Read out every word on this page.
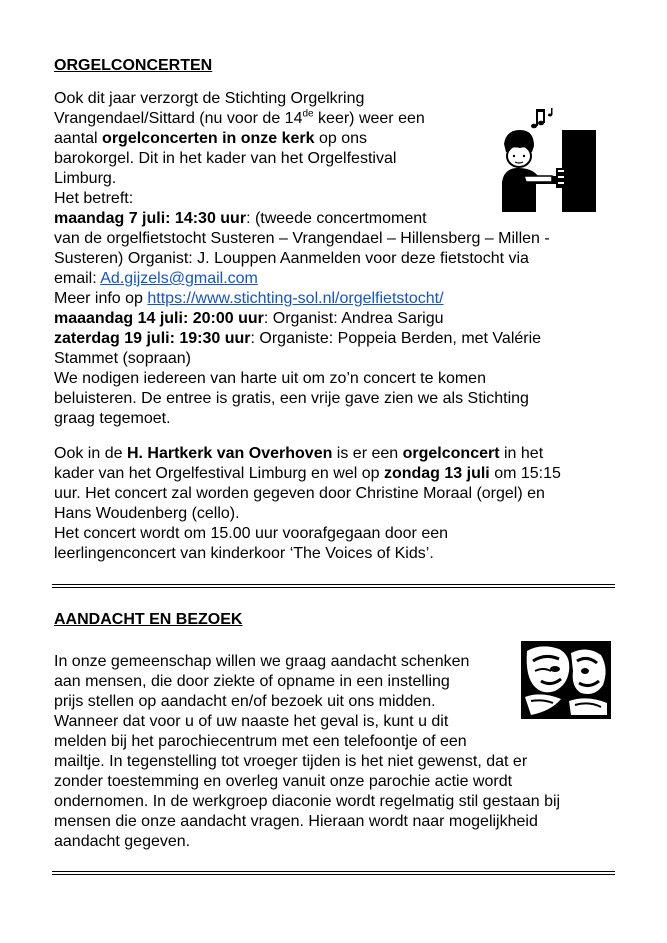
ORGELCONCERTEN

Ook dit jaar verzorgt de Stichting Orgelkring

Vrangendael/Sittard (nu voor de 14de keer) weer een

aantal orgelconcerten in onze kerk op ons

barokorgel. Dit in het kader van het Orgelfestival

Limburg.

Het betreft:

maandag 7 juli: 14:30 uur: (tweede concertmoment

van de orgelfietstocht Susteren – Vrangendael – Hillensberg – Millen -

Susteren) Organist: J. Louppen Aanmelden voor deze fietstocht via

email: Ad.gijzels@gmail.com

Meer info op https://www.stichting-sol.nl/orgelfietstocht/

maaandag 14 juli: 20:00 uur: Organist: Andrea Sarigu

zaterdag 19 juli: 19:30 uur: Organiste: Poppeia Berden, met Valérie

Stammet (sopraan)

We nodigen iedereen van harte uit om zo’n concert te komen

beluisteren. De entree is gratis, een vrije gave zien we als Stichting

graag tegemoet.

Ook in de H. Hartkerk van Overhoven is er een orgelconcert in het

kader van het Orgelfestival Limburg en wel op zondag 13 juli om 15:15

uur. Het concert zal worden gegeven door Christine Moraal (orgel) en

Hans Woudenberg (cello).

Het concert wordt om 15.00 uur voorafgegaan door een

leerlingenconcert van kinderkoor ‘The Voices of Kids’.

AANDACHT EN BEZOEK

In onze gemeenschap willen we graag aandacht schenken

aan mensen, die door ziekte of opname in een instelling

prijs stellen op aandacht en/of bezoek uit ons midden.

Wanneer dat voor u of uw naaste het geval is, kunt u dit

melden bij het parochiecentrum met een telefoontje of een

mailtje. In tegenstelling tot vroeger tijden is het niet gewenst, dat er

zonder toestemming en overleg vanuit onze parochie actie wordt

ondernomen. In de werkgroep diaconie wordt regelmatig stil gestaan bij

mensen die onze aandacht vragen. Hieraan wordt naar mogelijkheid

aandacht gegeven.
